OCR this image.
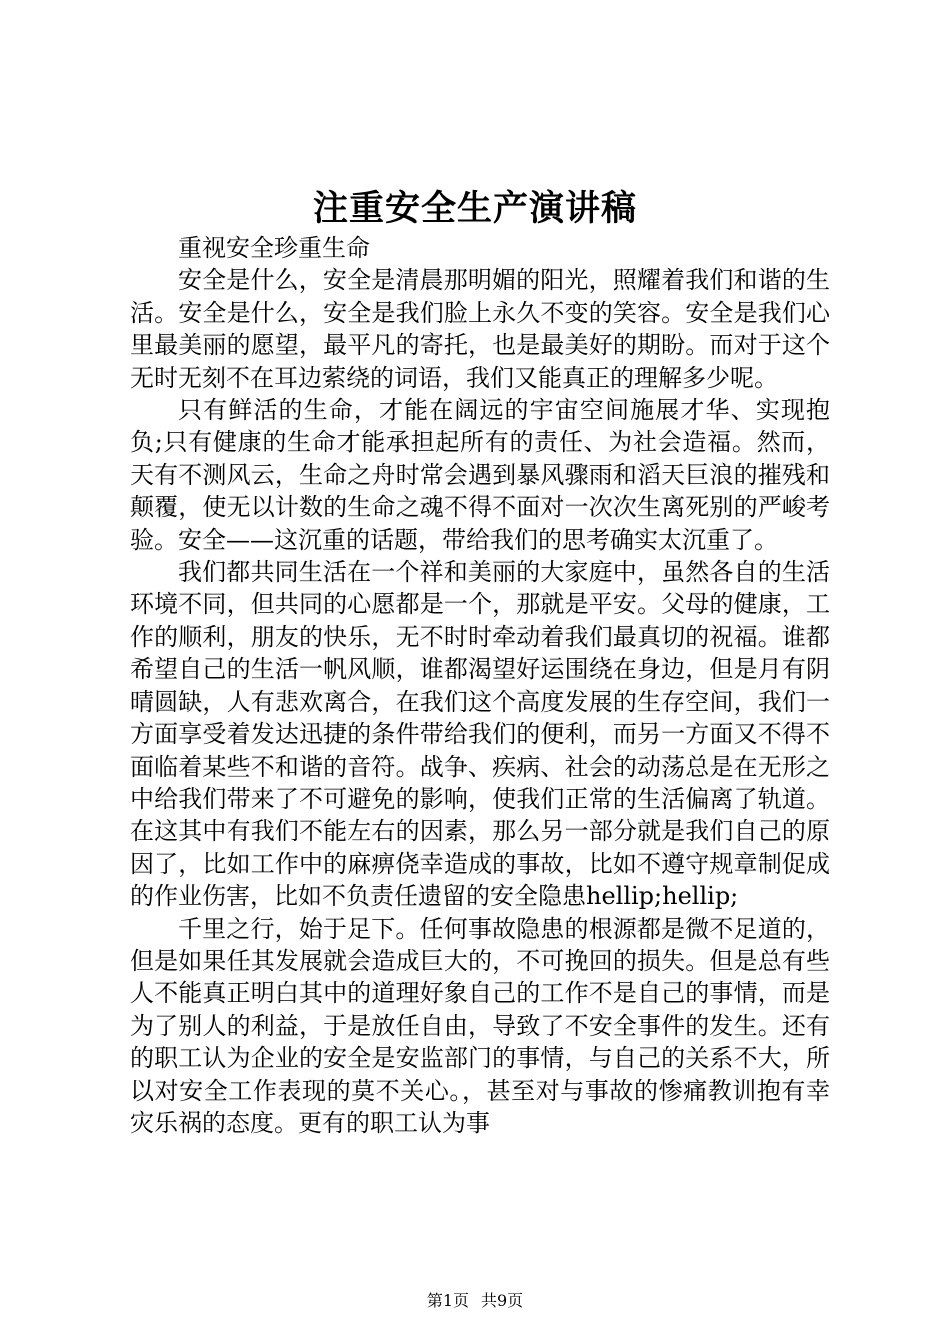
注重安全生产演讲稿

重视安全珍重生命

安全是什么，安全是清晨那明媚的阳光，照耀着我们和谐的生活。安全是什么，安全是我们脸上永久不变的笑容。安全是我们心里最美丽的愿望，最平凡的寄托，也是最美好的期盼。而对于这个无时无刻不在耳边萦绕的词语，我们又能真正的理解多少呢。

只有鲜活的生命，才能在阔远的宇宙空间施展才华、实现抱负;只有健康的生命才能承担起所有的责任、为社会造福。然而，天有不测风云，生命之舟时常会遇到暴风骤雨和滔天巨浪的摧残和颠覆，使无以计数的生命之魂不得不面对一次次生离死别的严峻考验。安全——这沉重的话题，带给我们的思考确实太沉重了。

我们都共同生活在一个祥和美丽的大家庭中，虽然各自的生活环境不同，但共同的心愿都是一个，那就是平安。父母的健康，工作的顺利，朋友的快乐，无不时时牵动着我们最真切的祝福。谁都希望自己的生活一帆风顺，谁都渴望好运围绕在身边，但是月有阴晴圆缺，人有悲欢离合，在我们这个高度发展的生存空间，我们一方面享受着发达迅捷的条件带给我们的便利，而另一方面又不得不面临着某些不和谐的音符。战争、疾病、社会的动荡总是在无形之中给我们带来了不可避免的影响，使我们正常的生活偏离了轨道。在这其中有我们不能左右的因素，那么另一部分就是我们自己的原因了，比如工作中的麻痹侥幸造成的事故，比如不遵守规章制促成的作业伤害，比如不负责任遗留的安全隐患hellip;hellip;

千里之行，始于足下。任何事故隐患的根源都是微不足道的，但是如果任其发展就会造成巨大的，不可挽回的损失。但是总有些人不能真正明白其中的道理好象自己的工作不是自己的事情，而是为了别人的利益，于是放任自由，导致了不安全事件的发生。还有的职工认为企业的安全是安监部门的事情，与自己的关系不大，所以对安全工作表现的莫不关心。，甚至对与事故的惨痛教训抱有幸灾乐祸的态度。更有的职工认为事

第1页 共9页
